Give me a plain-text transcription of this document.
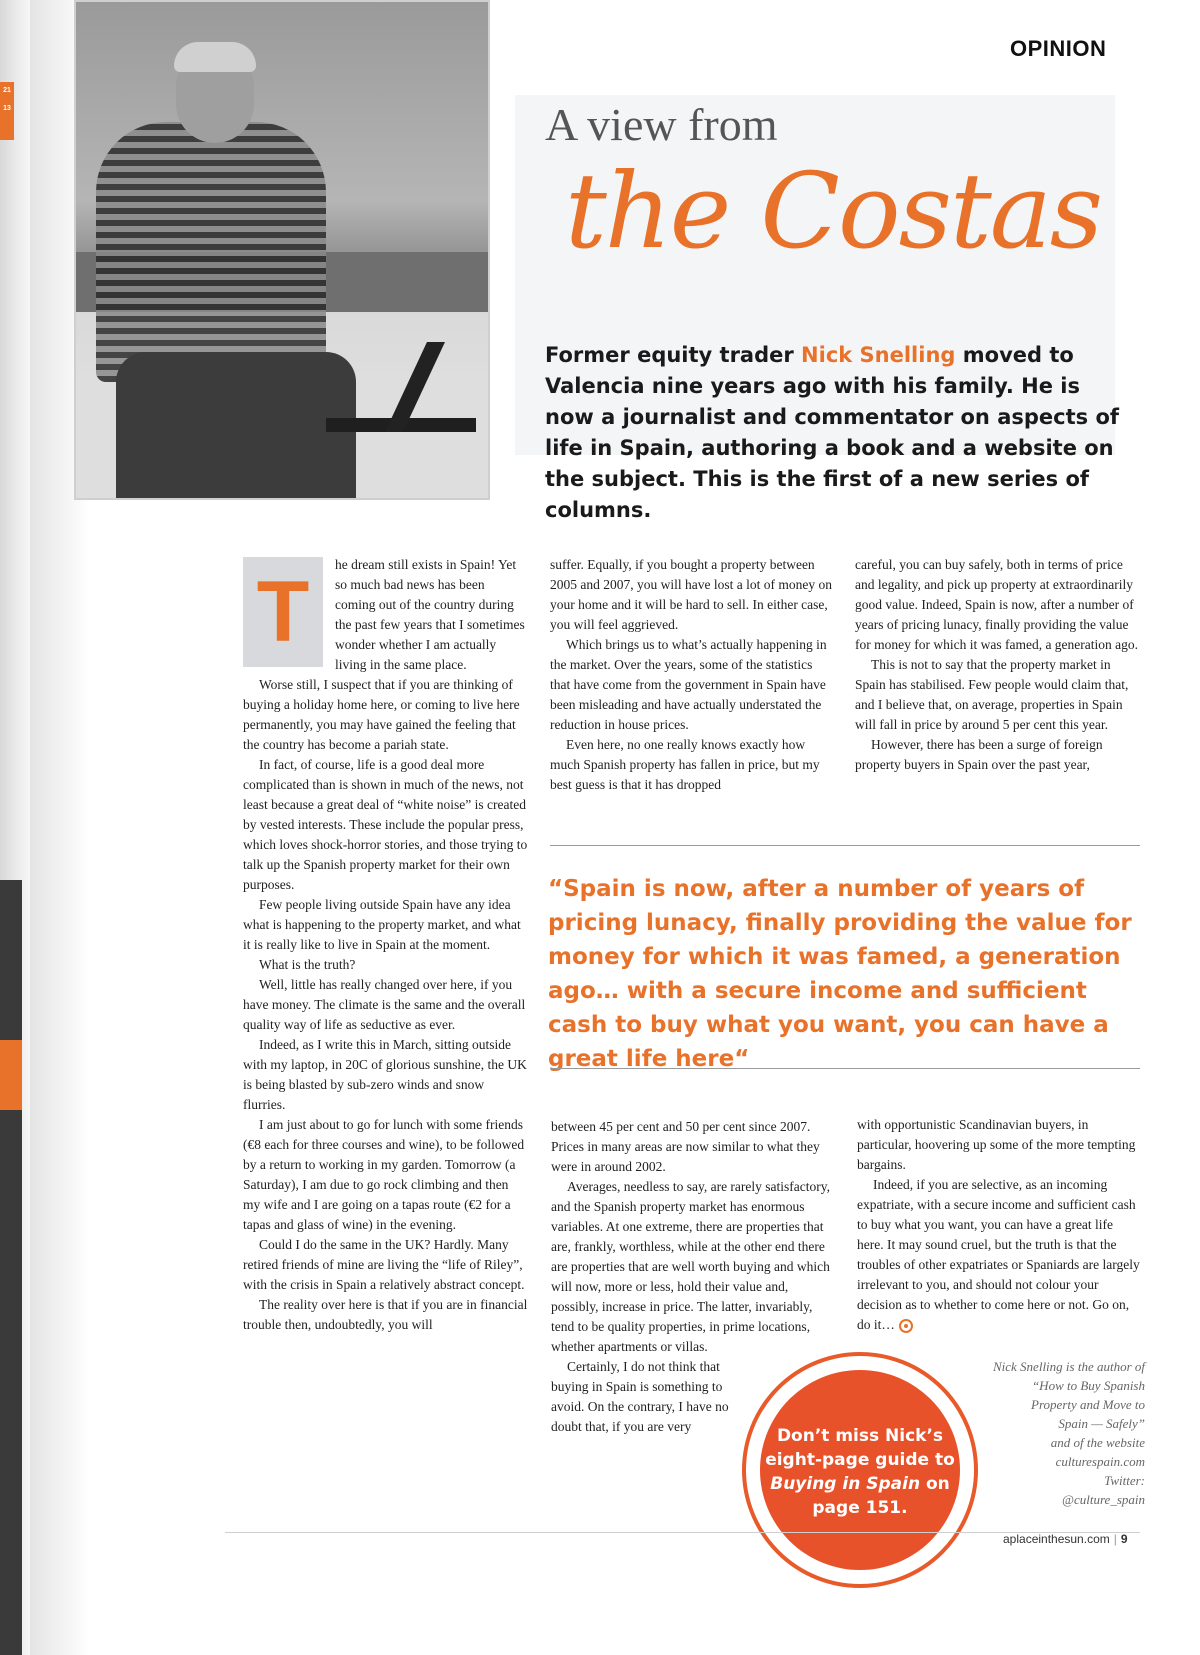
21
13
OPINION
A view from
the Costas
Former equity trader Nick Snelling moved to Valencia nine years ago with his family. He is now a journalist and commentator on aspects of life in Spain, authoring a book and a website on the subject. This is the first of a new series of columns.
T	he dream still exists in Spain! Yet so much bad news has been coming out of the country during the past few years that I sometimes wonder whether I am actually living in the same place.

Worse still, I suspect that if you are thinking of buying a holiday home here, or coming to live here permanently, you may have gained the feeling that the country has become a pariah state.

In fact, of course, life is a good deal more complicated than is shown in much of the news, not least because a great deal of “white noise” is created by vested interests. These include the popular press, which loves shock-horror stories, and those trying to talk up the Spanish property market for their own purposes.

Few people living outside Spain have any idea what is happening to the property market, and what it is really like to live in Spain at the moment.

What is the truth?

Well, little has really changed over here, if you have money. The climate is the same and the overall quality way of life as seductive as ever.

Indeed, as I write this in March, sitting outside with my laptop, in 20C of glorious sunshine, the UK is being blasted by sub-zero winds and snow flurries.

I am just about to go for lunch with some friends (€8 each for three courses and wine), to be followed by a return to working in my garden. Tomorrow (a Saturday), I am due to go rock climbing and then my wife and I are going on a tapas route (€2 for a tapas and glass of wine) in the evening.

Could I do the same in the UK? Hardly. Many retired friends of mine are living the “life of Riley”, with the crisis in Spain a relatively abstract concept.

The reality over here is that if you are in financial trouble then, undoubtedly, you will

suffer. Equally, if you bought a property between 2005 and 2007, you will have lost a lot of money on your home and it will be hard to sell. In either case, you will feel aggrieved.

Which brings us to what’s actually happening in the market. Over the years, some of the statistics that have come from the government in Spain have been misleading and have actually understated the reduction in house prices.

Even here, no one really knows exactly how much Spanish property has fallen in price, but my best guess is that it has dropped

careful, you can buy safely, both in terms of price and legality, and pick up property at extraordinarily good value. Indeed, Spain is now, after a number of years of pricing lunacy, finally providing the value for money for which it was famed, a generation ago.

This is not to say that the property market in Spain has stabilised. Few people would claim that, and I believe that, on average, properties in Spain will fall in price by around 5 per cent this year.

However, there has been a surge of foreign property buyers in Spain over the past year,

“Spain is now, after a number of years of pricing lunacy, finally providing the value for money for which it was famed, a generation ago… with a secure income and sufficient cash to buy what you want, you can have a great life here“

between 45 per cent and 50 per cent since 2007. Prices in many areas are now similar to what they were in around 2002.

Averages, needless to say, are rarely satisfactory, and the Spanish property market has enormous variables. At one extreme, there are properties that are, frankly, worthless, while at the other end there are properties that are well worth buying and which will now, more or less, hold their value and, possibly, increase in price. The latter, invariably, tend to be quality properties, in prime locations, whether apartments or villas.

Certainly, I do not think that buying in Spain is something to avoid. On the contrary, I have no doubt that, if you are very

with opportunistic Scandinavian buyers, in particular, hoovering up some of the more tempting bargains.

Indeed, if you are selective, as an incoming expatriate, with a secure income and sufficient cash to buy what you want, you can have a great life here. It may sound cruel, but the truth is that the troubles of other expatriates or Spaniards are largely irrelevant to you, and should not colour your decision as to whether to come here or not. Go on, do it…

Nick Snelling is the author of
“How to Buy Spanish
Property and Move to
Spain — Safely”
and of the website
culturespain.com
Twitter:
@culture_spain
Don’t miss Nick’s
eight-page guide to
Buying in Spain on
page 151.
aplaceinthesun.com | 9
